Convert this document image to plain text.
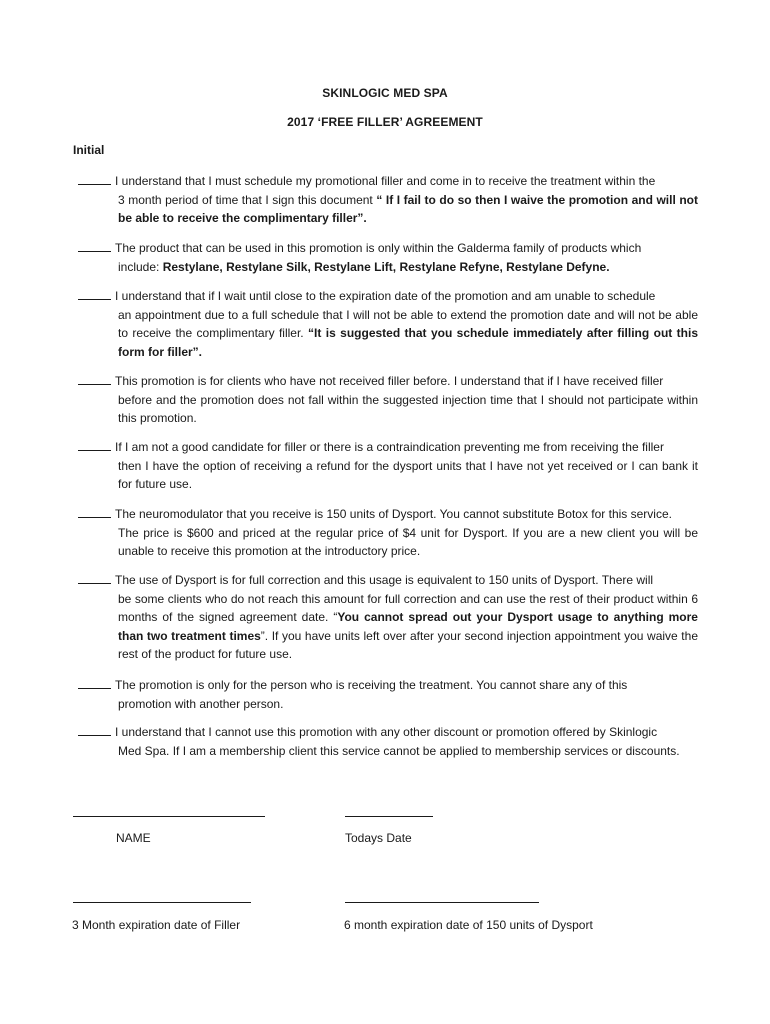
SKINLOGIC MED SPA
2017 ‘FREE FILLER’ AGREEMENT
Initial
I understand that I must schedule my promotional filler and come in to receive the treatment within the
3 month period of time that I sign this document “ If I fail to do so then I waive the promotion and will not be able to receive the complimentary filler”.
The product that can be used in this promotion is only within the Galderma family of products which
include: Restylane, Restylane Silk, Restylane Lift, Restylane Refyne, Restylane Defyne.
I understand that if I wait until close to the expiration date of the promotion and am unable to schedule
an appointment due to a full schedule that I will not be able to extend the promotion date and will not be able to receive the complimentary filler. “It is suggested that you schedule immediately after filling out this form for filler”.
This promotion is for clients who have not received filler before. I understand that if I have received filler
before and the promotion does not fall within the suggested injection time that I should not participate within this promotion.
If I am not a good candidate for filler or there is a contraindication preventing me from receiving the filler
then I have the option of receiving a refund for the dysport units that I have not yet received or I can bank it for future use.
The neuromodulator that you receive is 150 units of Dysport. You cannot substitute Botox for this service.
The price is $600 and priced at the regular price of $4 unit for Dysport. If you are a new client you will be unable to receive this promotion at the introductory price.
The use of Dysport is for full correction and this usage is equivalent to 150 units of Dysport. There will
be some clients who do not reach this amount for full correction and can use the rest of their product within 6 months of the signed agreement date. “You cannot spread out your Dysport usage to anything more than two treatment times”. If you have units left over after your second injection appointment you waive the rest of the product for future use.
The promotion is only for the person who is receiving the treatment. You cannot share any of this
promotion with another person.
I understand that I cannot use this promotion with any other discount or promotion offered by Skinlogic
Med Spa. If I am a membership client this service cannot be applied to membership services or discounts.
NAME	Todays Date
3 Month expiration date of Filler	6 month expiration date of 150 units of Dysport
